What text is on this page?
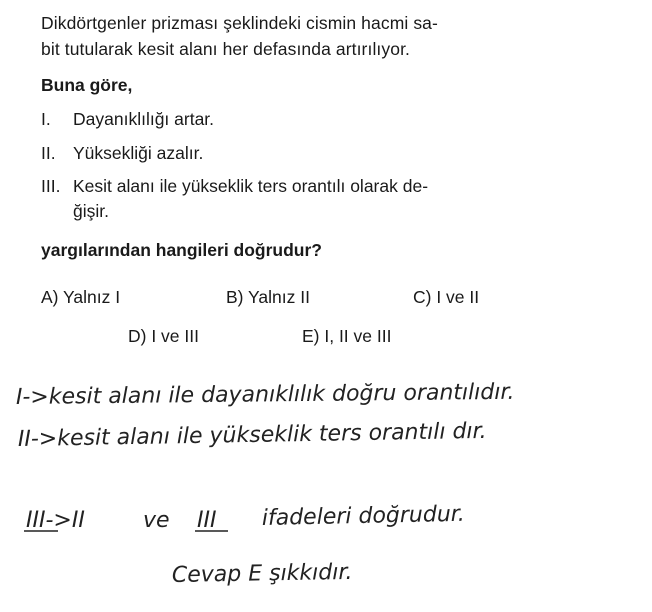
Dikdörtgenler prizması şeklindeki cismin hacmi sa-
bit tutularak kesit alanı her defasında artırılıyor.
Buna göre,
I. Dayanıklılığı artar.
II. Yüksekliği azalır.
III. Kesit alanı ile yükseklik ters orantılı olarak de-
ğişir.
yargılarından hangileri doğrudur?
A) Yalnız I	B) Yalnız II	C) I ve II
D) I ve III	E) I, II ve III
I->kesit alanı ile dayanıklılık doğru orantılıdır.
II->kesit alanı ile yükseklik ters orantılı dır.
III->II	ve III ifadeleri doğrudur.
Cevap E şıkkıdır.
